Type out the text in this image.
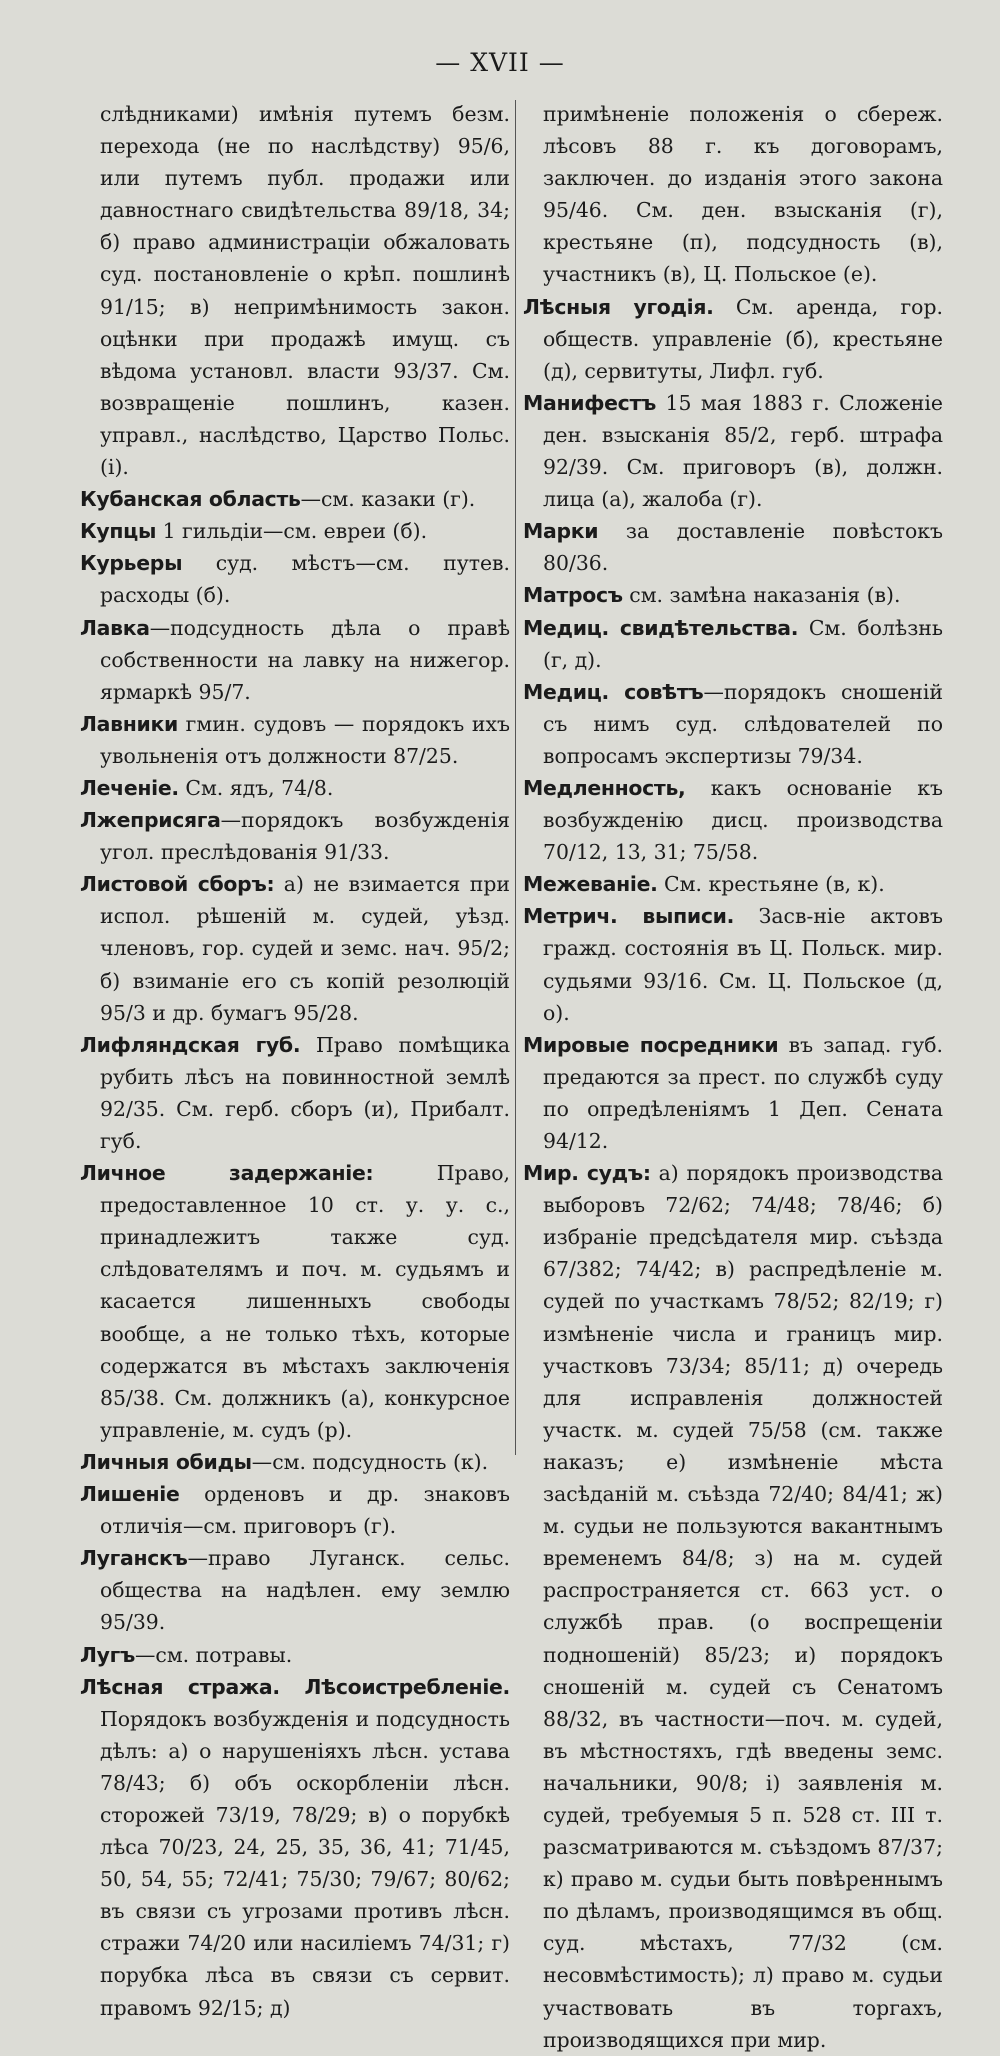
— XVII —

слѣдниками) имѣнія путемъ безм. перехода (не по наслѣдству) 95/6, или путемъ публ. продажи или давностнаго свидѣтельства 89/18, 34; б) право администраціи обжаловать суд. постановленіе о крѣп. пошлинѣ 91/15; в) непримѣнимость закон. оцѣнки при продажѣ имущ. съ вѣдома установл. власти 93/37. См. возвращеніе пошлинъ, казен. управл., наслѣдство, Царство Польс. (і).

Кубанская область—см. казаки (г).

Купцы 1 гильдіи—см. евреи (б).

Курьеры суд. мѣстъ—см. путев. расходы (б).

Лавка—подсудность дѣла о правѣ собственности на лавку на нижегор. ярмаркѣ 95/7.

Лавники гмин. судовъ — порядокъ ихъ увольненія отъ должности 87/25.

Леченіе. См. ядъ, 74/8.

Лжеприсяга—порядокъ возбужденія угол. преслѣдованія 91/33.

Листовой сборъ: а) не взимается при испол. рѣшеній м. судей, уѣзд. членовъ, гор. судей и земс. нач. 95/2; б) взиманіе его съ копій резолюцій 95/3 и др. бумагъ 95/28.

Лифляндская губ. Право помѣщика рубить лѣсъ на повинностной землѣ 92/35. См. герб. сборъ (и), Прибалт. губ.

Личное задержаніе: Право, предоставленное 10 ст. у. у. с., принадлежитъ также суд. слѣдователямъ и поч. м. судьямъ и касается лишенныхъ свободы вообще, а не только тѣхъ, которые содержатся въ мѣстахъ заключенія 85/38. См. должникъ (а), конкурсное управленіе, м. судъ (р).

Личныя обиды—см. подсудность (к).

Лишеніе орденовъ и др. знаковъ отличія—см. приговоръ (г).

Луганскъ—право Луганск. сельс. общества на надѣлен. ему землю 95/39.

Лугъ—см. потравы.

Лѣсная стража. Лѣсоистребленіе. Порядокъ возбужденія и подсудность дѣлъ: а) о нарушеніяхъ лѣсн. устава 78/43; б) объ оскорбленіи лѣсн. сторожей 73/19, 78/29; в) о порубкѣ лѣса 70/23, 24, 25, 35, 36, 41; 71/45, 50, 54, 55; 72/41; 75/30; 79/67; 80/62; въ связи съ угрозами противъ лѣсн. стражи 74/20 или насиліемъ 74/31; г) порубка лѣса въ связи съ сервит. правомъ 92/15; д)

примѣненіе положенія о сбереж. лѣсовъ 88 г. къ договорамъ, заключен. до изданія этого закона 95/46. См. ден. взысканія (г), крестьяне (п), подсудность (в), участникъ (в), Ц. Польское (е).

Лѣсныя угодія. См. аренда, гор. обществ. управленіе (б), крестьяне (д), сервитуты, Лифл. губ.

Манифестъ 15 мая 1883 г. Сложеніе ден. взысканія 85/2, герб. штрафа 92/39. См. приговоръ (в), должн. лица (а), жалоба (г).

Марки за доставленіе повѣстокъ 80/36.

Матросъ см. замѣна наказанія (в).

Медиц. свидѣтельства. См. болѣзнь (г, д).

Медиц. совѣтъ—порядокъ сношеній съ нимъ суд. слѣдователей по вопросамъ экспертизы 79/34.

Медленность, какъ основаніе къ возбужденію дисц. производства 70/12, 13, 31; 75/58.

Межеваніе. См. крестьяне (в, к).

Метрич. выписи. Засв-ніе актовъ гражд. состоянія въ Ц. Польск. мир. судьями 93/16. См. Ц. Польское (д, о).

Мировые посредники въ запад. губ. предаются за прест. по службѣ суду по опредѣленіямъ 1 Деп. Сената 94/12.

Мир. судъ: а) порядокъ производства выборовъ 72/62; 74/48; 78/46; б) избраніе предсѣдателя мир. съѣзда 67/382; 74/42; в) распредѣленіе м. судей по участкамъ 78/52; 82/19; г) измѣненіе числа и границъ мир. участковъ 73/34; 85/11; д) очередь для исправленія должностей участк. м. судей 75/58 (см. также наказъ; е) измѣненіе мѣста засѣданій м. съѣзда 72/40; 84/41; ж) м. судьи не пользуются вакантнымъ временемъ 84/8; з) на м. судей распространяется ст. 663 уст. о службѣ прав. (о воспрещеніи подношеній) 85/23; и) порядокъ сношеній м. судей съ Сенатомъ 88/32, въ частности—поч. м. судей, въ мѣстностяхъ, гдѣ введены земс. начальники, 90/8; і) заявленія м. судей, требуемыя 5 п. 528 ст. III т. разсматриваются м. съѣздомъ 87/37; к) право м. судьи быть повѣреннымъ по дѣламъ, производящимся въ общ. суд. мѣстахъ, 77/32 (см. несовмѣстимость); л) право м. судьи участвовать въ торгахъ, производящихся при мир.
